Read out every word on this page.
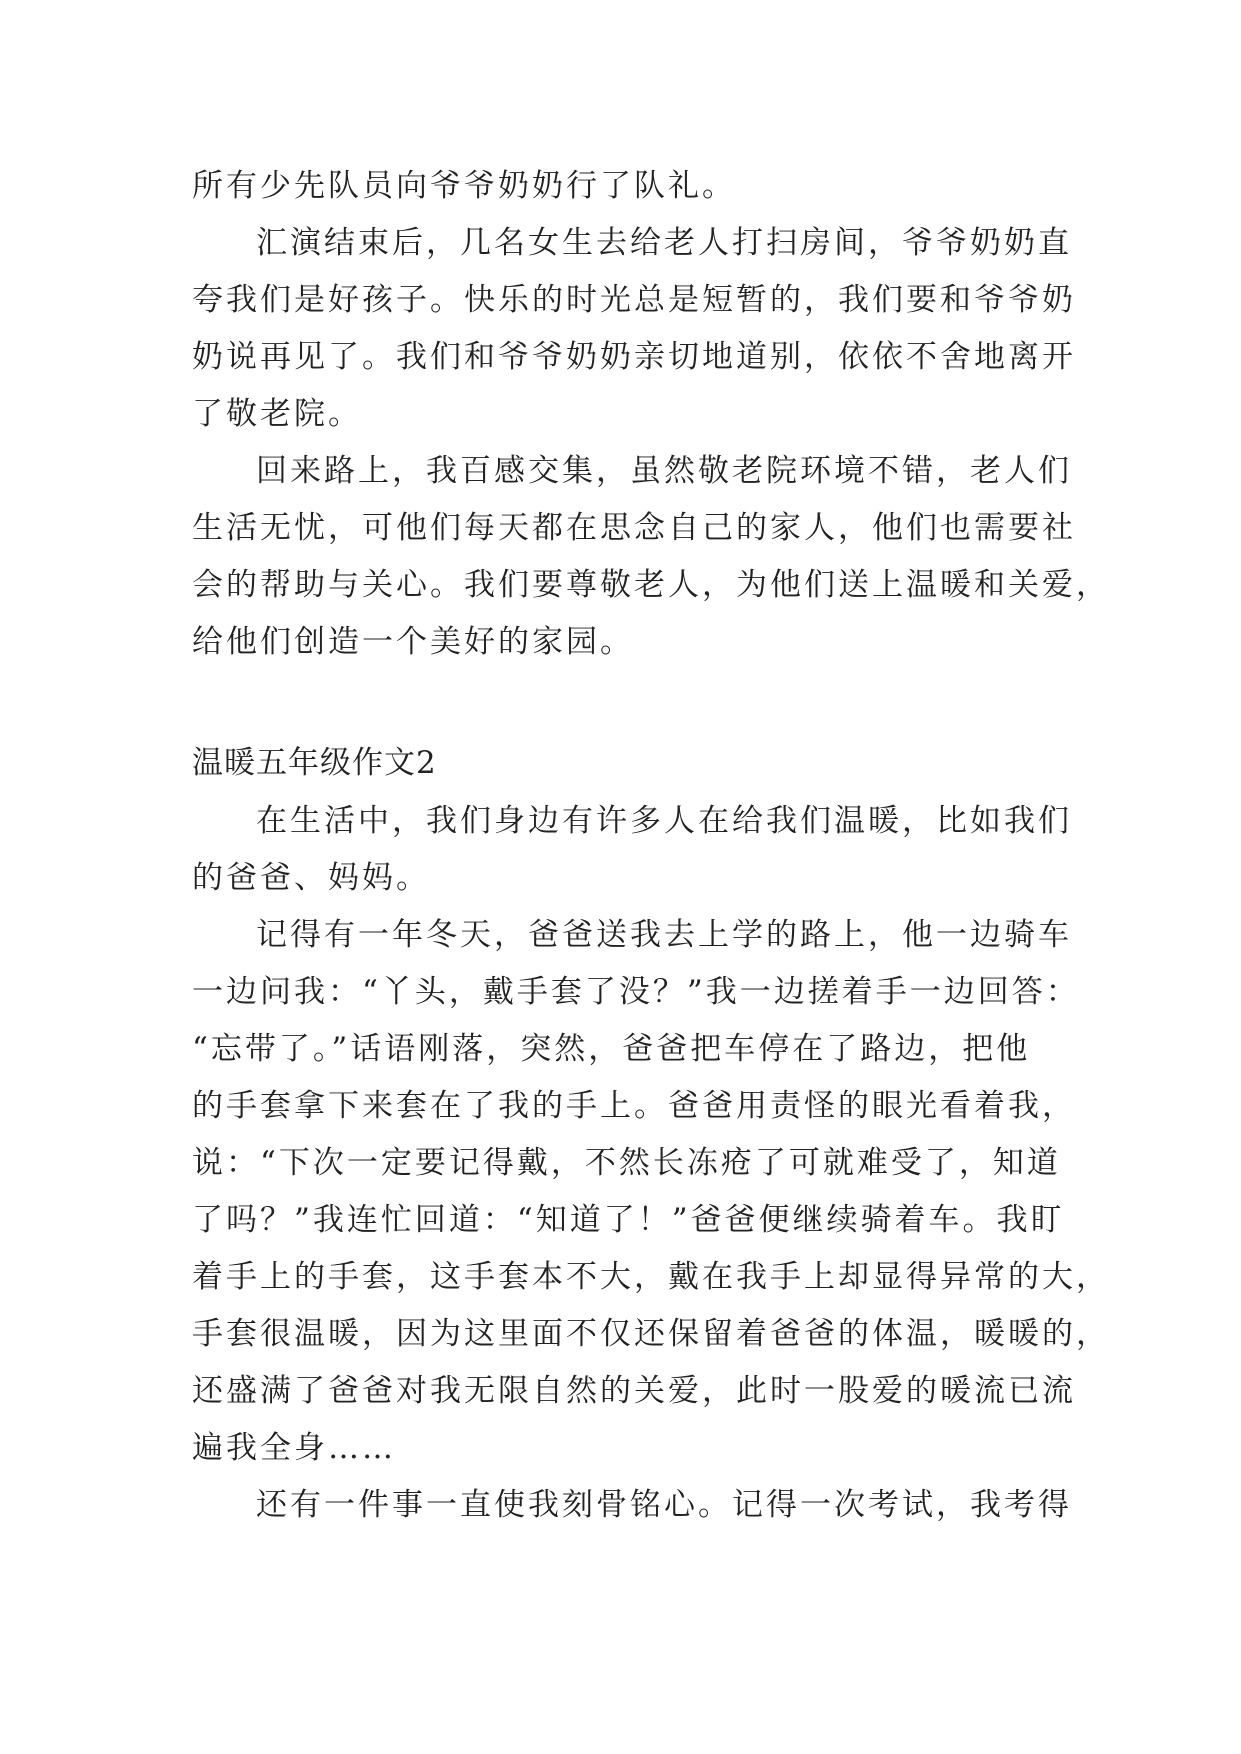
所有少先队员向爷爷奶奶行了队礼。

汇演结束后，几名女生去给老人打扫房间，爷爷奶奶直

夸我们是好孩子。快乐的时光总是短暂的，我们要和爷爷奶

奶说再见了。我们和爷爷奶奶亲切地道别，依依不舍地离开

了敬老院。

回来路上，我百感交集，虽然敬老院环境不错，老人们

生活无忧，可他们每天都在思念自己的家人，他们也需要社

会的帮助与关心。我们要尊敬老人，为他们送上温暖和关爱，

给他们创造一个美好的家园。

温暖五年级作文2

在生活中，我们身边有许多人在给我们温暖，比如我们

的爸爸、妈妈。

记得有一年冬天，爸爸送我去上学的路上，他一边骑车

一边问我：“丫头，戴手套了没？”我一边搓着手一边回答：

“忘带了。”话语刚落，突然，爸爸把车停在了路边，把他

的手套拿下来套在了我的手上。爸爸用责怪的眼光看着我，

说：“下次一定要记得戴，不然长冻疮了可就难受了，知道

了吗？”我连忙回道：“知道了！”爸爸便继续骑着车。我盯

着手上的手套，这手套本不大，戴在我手上却显得异常的大，

手套很温暖，因为这里面不仅还保留着爸爸的体温，暖暖的，

还盛满了爸爸对我无限自然的关爱，此时一股爱的暖流已流

遍我全身……

还有一件事一直使我刻骨铭心。记得一次考试，我考得
